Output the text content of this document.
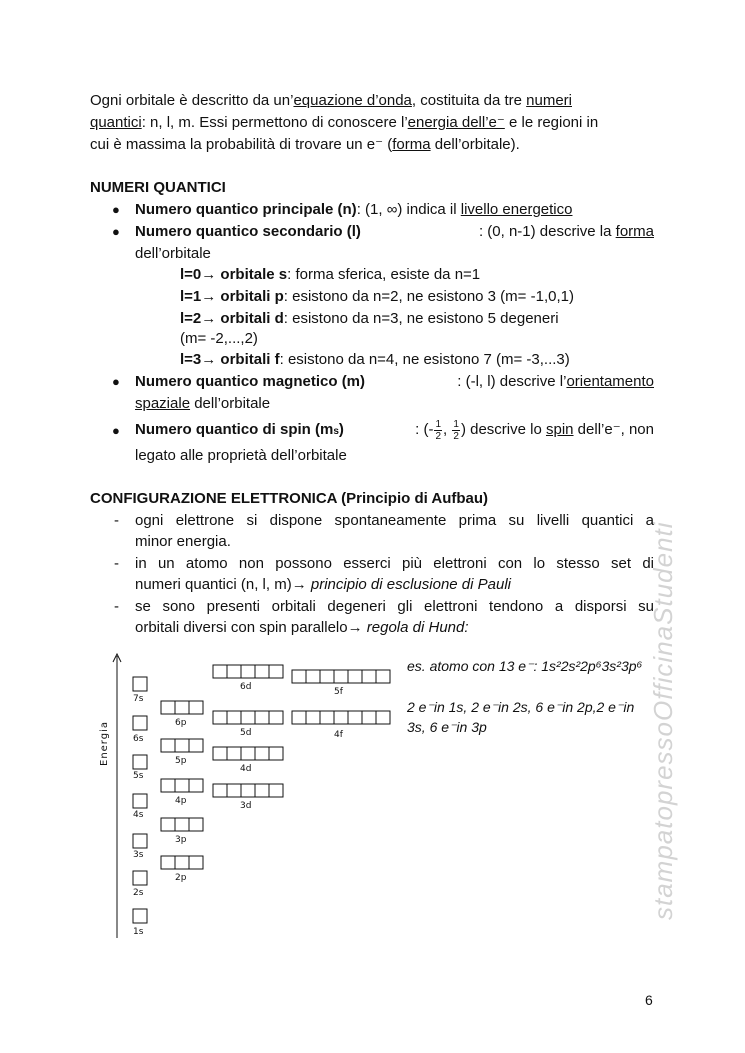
Ogni orbitale è descritto da un’equazione d’onda, costituita da tre numeri
quantici: n, l, m. Essi permettono di conoscere l’energia dell’e⁻ e le regioni in
cui è massima la probabilità di trovare un e⁻ (forma dell’orbitale).
NUMERI QUANTICI
● Numero quantico principale (n): (1, ∞) indica il livello energetico
● Numero quantico secondario (l)	: (0, n-1) descrive la forma
dell’orbitale
l=0→ orbitale s: forma sferica, esiste da n=1
l=1→ orbitali p: esistono da n=2, ne esistono 3 (m= -1,0,1)
l=2→ orbitali d: esistono da n=3, ne esistono 5 degeneri
(m= -2,...,2)
l=3→ orbitali f: esistono da n=4, ne esistono 7 (m= -3,...3)
● Numero quantico magnetico (m)	: (-l, l) descrive l’orientamento
spaziale dell’orbitale
● Numero quantico di spin (ms)	: (- $\frac{1}{2}$ , $\frac{1}{2}$ ) descrive lo spin dell’e⁻, non
legato alle proprietà dell’orbitale
CONFIGURAZIONE ELETTRONICA (Principio di Aufbau)
- ogni elettrone si dispone spontaneamente prima su livelli quantici a
minor energia.
- in un atomo non possono esserci più elettroni con lo stesso set di
numeri quantici (n, l, m)→ principio di esclusione di Pauli
- se sono presenti orbitali degeneri gli elettroni tendono a disporsi su
orbitali diversi con spin parallelo→ regola di Hund:
Energia
1s
2s
2p
3s
3p
4s
3d
4p
5s
4d
5p
6s	4f
5d
6p
7s
5f
6d
es. atomo con 13 e⁻: 1s²2s²2p⁶3s²3p⁶
2 e⁻in 1s, 2 e⁻in 2s, 6 e⁻in 2p,2 e⁻in
3s, 6 e⁻in 3p	stampatopressoOfficinaStudenti
6
